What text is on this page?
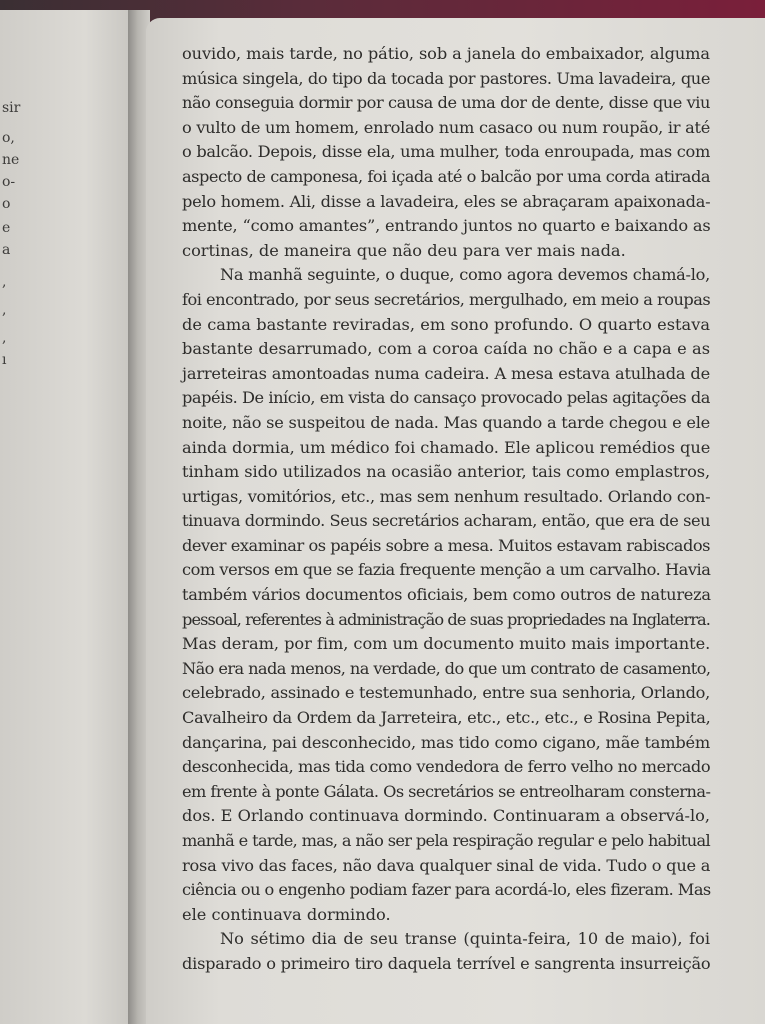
sir
o,
ne
o-
o
e
a
,
,
,
ı

ouvido, mais tarde, no pátio, sob a janela do embaixador, alguma
música singela, do tipo da tocada por pastores. Uma lavadeira, que
não conseguia dormir por causa de uma dor de dente, disse que viu
o vulto de um homem, enrolado num casaco ou num roupão, ir até
o balcão. Depois, disse ela, uma mulher, toda enroupada, mas com
aspecto de camponesa, foi içada até o balcão por uma corda atirada
pelo homem. Ali, disse a lavadeira, eles se abraçaram apaixonada-
mente, “como amantes”, entrando juntos no quarto e baixando as
cortinas, de maneira que não deu para ver mais nada.

Na manhã seguinte, o duque, como agora devemos chamá-lo,
foi encontrado, por seus secretários, mergulhado, em meio a roupas
de cama bastante reviradas, em sono profundo. O quarto estava
bastante desarrumado, com a coroa caída no chão e a capa e as
jarreteiras amontoadas numa cadeira. A mesa estava atulhada de
papéis. De início, em vista do cansaço provocado pelas agitações da
noite, não se suspeitou de nada. Mas quando a tarde chegou e ele
ainda dormia, um médico foi chamado. Ele aplicou remédios que
tinham sido utilizados na ocasião anterior, tais como emplastros,
urtigas, vomitórios, etc., mas sem nenhum resultado. Orlando con-
tinuava dormindo. Seus secretários acharam, então, que era de seu
dever examinar os papéis sobre a mesa. Muitos estavam rabiscados
com versos em que se fazia frequente menção a um carvalho. Havia
também vários documentos oficiais, bem como outros de natureza
pessoal, referentes à administração de suas propriedades na Inglaterra.
Mas deram, por fim, com um documento muito mais importante.
Não era nada menos, na verdade, do que um contrato de casamento,
celebrado, assinado e testemunhado, entre sua senhoria, Orlando,
Cavalheiro da Ordem da Jarreteira, etc., etc., etc., e Rosina Pepita,
dançarina, pai desconhecido, mas tido como cigano, mãe também
desconhecida, mas tida como vendedora de ferro velho no mercado
em frente à ponte Gálata. Os secretários se entreolharam consterna-
dos. E Orlando continuava dormindo. Continuaram a observá-lo,
manhã e tarde, mas, a não ser pela respiração regular e pelo habitual
rosa vivo das faces, não dava qualquer sinal de vida. Tudo o que a
ciência ou o engenho podiam fazer para acordá-lo, eles fizeram. Mas
ele continuava dormindo.

No sétimo dia de seu transe (quinta-feira, 10 de maio), foi
disparado o primeiro tiro daquela terrível e sangrenta insurreição
